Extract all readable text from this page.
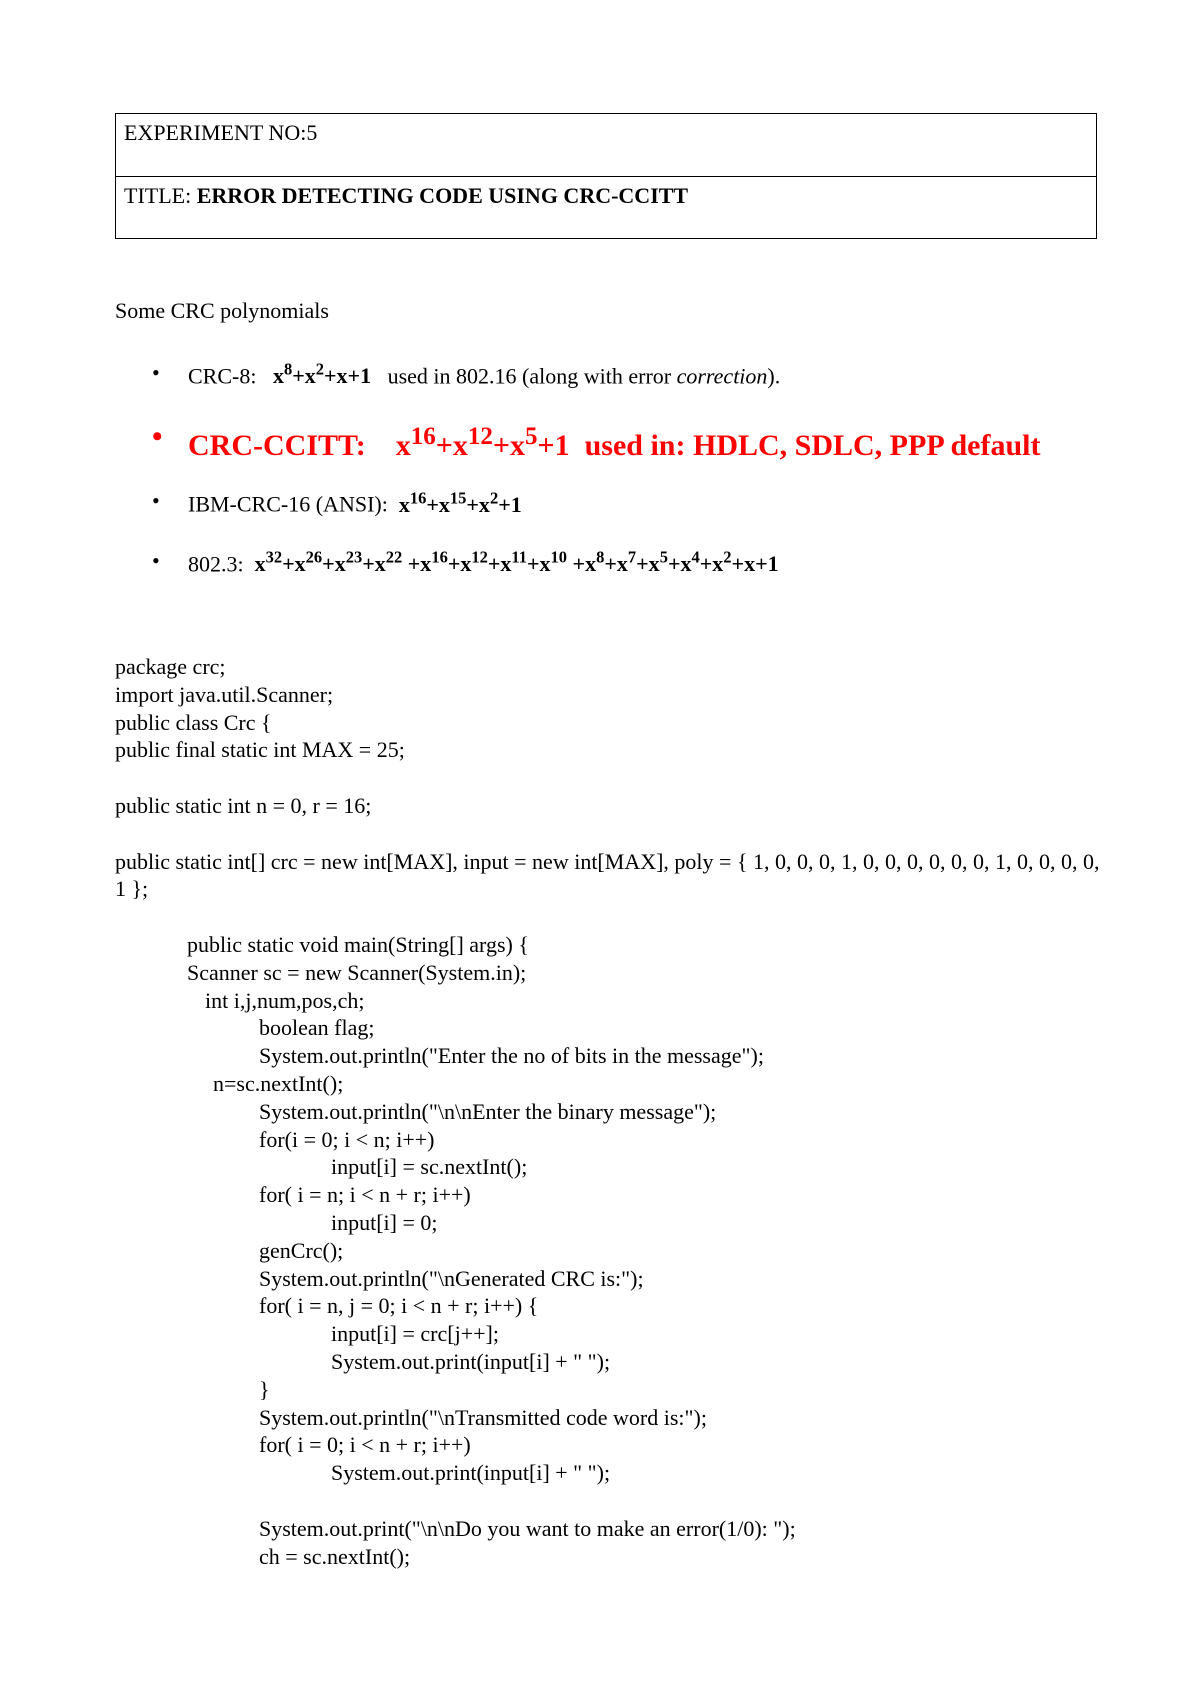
EXPERIMENT NO:5
TITLE: ERROR DETECTING CODE USING CRC-CCITT
Some CRC polynomials
• CRC-8: $x^8+x^2+x+1$ used in 802.16 (along with error correction).
• CRC-CCITT: $x^{16}+x^{12}+x^5+1$ used in: HDLC, SDLC, PPP default
• IBM-CRC-16 (ANSI): $x^{16}+x^{15}+x^2+1$
• 802.3: $x^{32}+x^{26}+x^{23}+x^{22} +x^{16}+x^{12}+x^{11}+x^{10} +x^8+x^7+x^5+x^4+x^2+x+1$
package crc;
import java.util.Scanner;
public class Crc {
public final static int MAX = 25;
public static int n = 0, r = 16;
public static int[] crc = new int[MAX], input = new int[MAX], poly = { 1, 0, 0, 0, 1, 0, 0, 0, 0, 0, 0, 1, 0, 0, 0, 0, 1 };
public static void main(String[] args) {
Scanner sc = new Scanner(System.in);
int i,j,num,pos,ch;
boolean flag;
System.out.println("Enter the no of bits in the message");
n=sc.nextInt();
System.out.println("\n\nEnter the binary message");
for(i = 0; i < n; i++)
input[i] = sc.nextInt();
for( i = n; i < n + r; i++)
input[i] = 0;
genCrc();
System.out.println("\nGenerated CRC is:");
for( i = n, j = 0; i < n + r; i++) {
input[i] = crc[j++];
System.out.print(input[i] + " ");
}
System.out.println("\nTransmitted code word is:");
for( i = 0; i < n + r; i++)
System.out.print(input[i] + " ");
System.out.print("\n\nDo you want to make an error(1/0): ");
ch = sc.nextInt();
